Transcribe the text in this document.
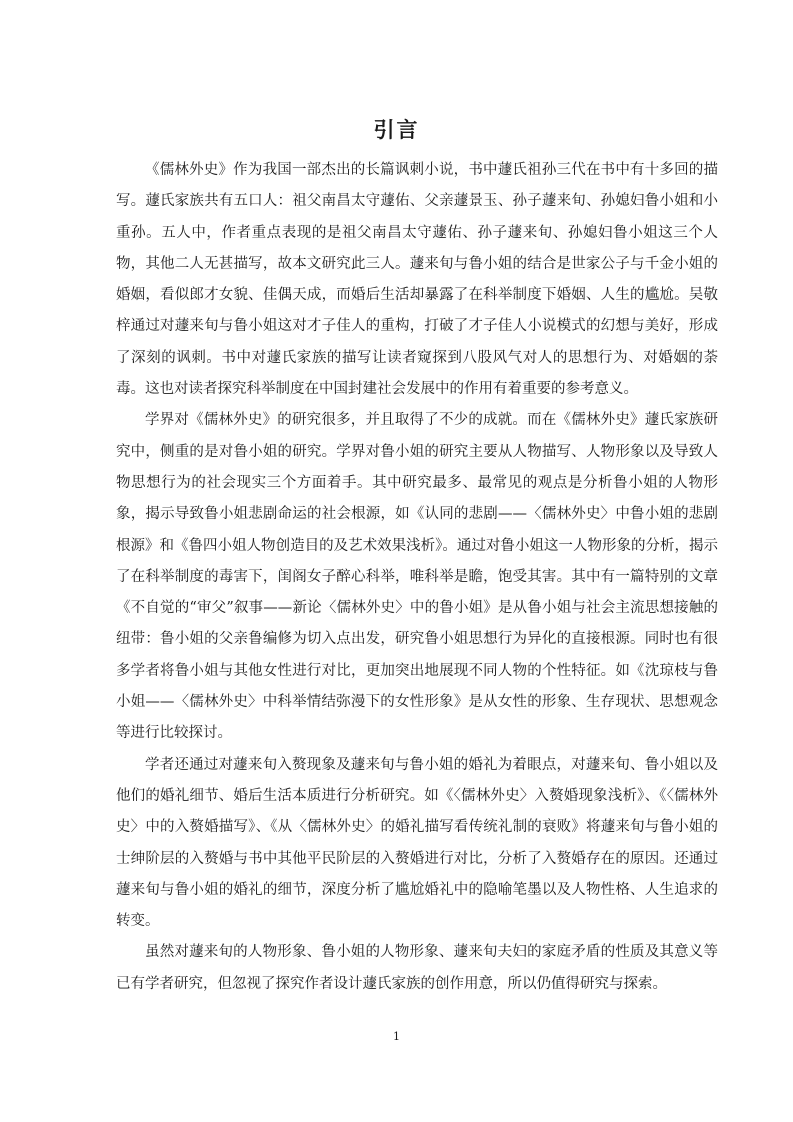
引言

《儒林外史》作为我国一部杰出的长篇讽刺小说，书中蘧氏祖孙三代在书中有十多回的描写。蘧氏家族共有五口人：祖父南昌太守蘧佑、父亲蘧景玉、孙子蘧来旬、孙媳妇鲁小姐和小重孙。五人中，作者重点表现的是祖父南昌太守蘧佑、孙子蘧来旬、孙媳妇鲁小姐这三个人物，其他二人无甚描写，故本文研究此三人。蘧来旬与鲁小姐的结合是世家公子与千金小姐的婚姻，看似郎才女貌、佳偶天成，而婚后生活却暴露了在科举制度下婚姻、人生的尴尬。吴敬梓通过对蘧来旬与鲁小姐这对才子佳人的重构，打破了才子佳人小说模式的幻想与美好，形成了深刻的讽刺。书中对蘧氏家族的描写让读者窥探到八股风气对人的思想行为、对婚姻的荼毒。这也对读者探究科举制度在中国封建社会发展中的作用有着重要的参考意义。

学界对《儒林外史》的研究很多，并且取得了不少的成就。而在《儒林外史》蘧氏家族研究中，侧重的是对鲁小姐的研究。学界对鲁小姐的研究主要从人物描写、人物形象以及导致人物思想行为的社会现实三个方面着手。其中研究最多、最常见的观点是分析鲁小姐的人物形象，揭示导致鲁小姐悲剧命运的社会根源，如《认同的悲剧——〈儒林外史〉中鲁小姐的悲剧根源》和《鲁四小姐人物创造目的及艺术效果浅析》。通过对鲁小姐这一人物形象的分析，揭示了在科举制度的毒害下，闺阁女子醉心科举，唯科举是瞻，饱受其害。其中有一篇特别的文章《不自觉的“审父”叙事——新论〈儒林外史〉中的鲁小姐》是从鲁小姐与社会主流思想接触的纽带：鲁小姐的父亲鲁编修为切入点出发，研究鲁小姐思想行为异化的直接根源。同时也有很多学者将鲁小姐与其他女性进行对比，更加突出地展现不同人物的个性特征。如《沈琼枝与鲁小姐——〈儒林外史〉中科举情结弥漫下的女性形象》是从女性的形象、生存现状、思想观念等进行比较探讨。

学者还通过对蘧来旬入赘现象及蘧来旬与鲁小姐的婚礼为着眼点，对蘧来旬、鲁小姐以及他们的婚礼细节、婚后生活本质进行分析研究。如《〈儒林外史〉入赘婚现象浅析》、《〈儒林外史〉中的入赘婚描写》、《从〈儒林外史〉的婚礼描写看传统礼制的衰败》将蘧来旬与鲁小姐的士绅阶层的入赘婚与书中其他平民阶层的入赘婚进行对比，分析了入赘婚存在的原因。还通过蘧来旬与鲁小姐的婚礼的细节，深度分析了尴尬婚礼中的隐喻笔墨以及人物性格、人生追求的转变。

虽然对蘧来旬的人物形象、鲁小姐的人物形象、蘧来旬夫妇的家庭矛盾的性质及其意义等已有学者研究，但忽视了探究作者设计蘧氏家族的创作用意，所以仍值得研究与探索。

1
